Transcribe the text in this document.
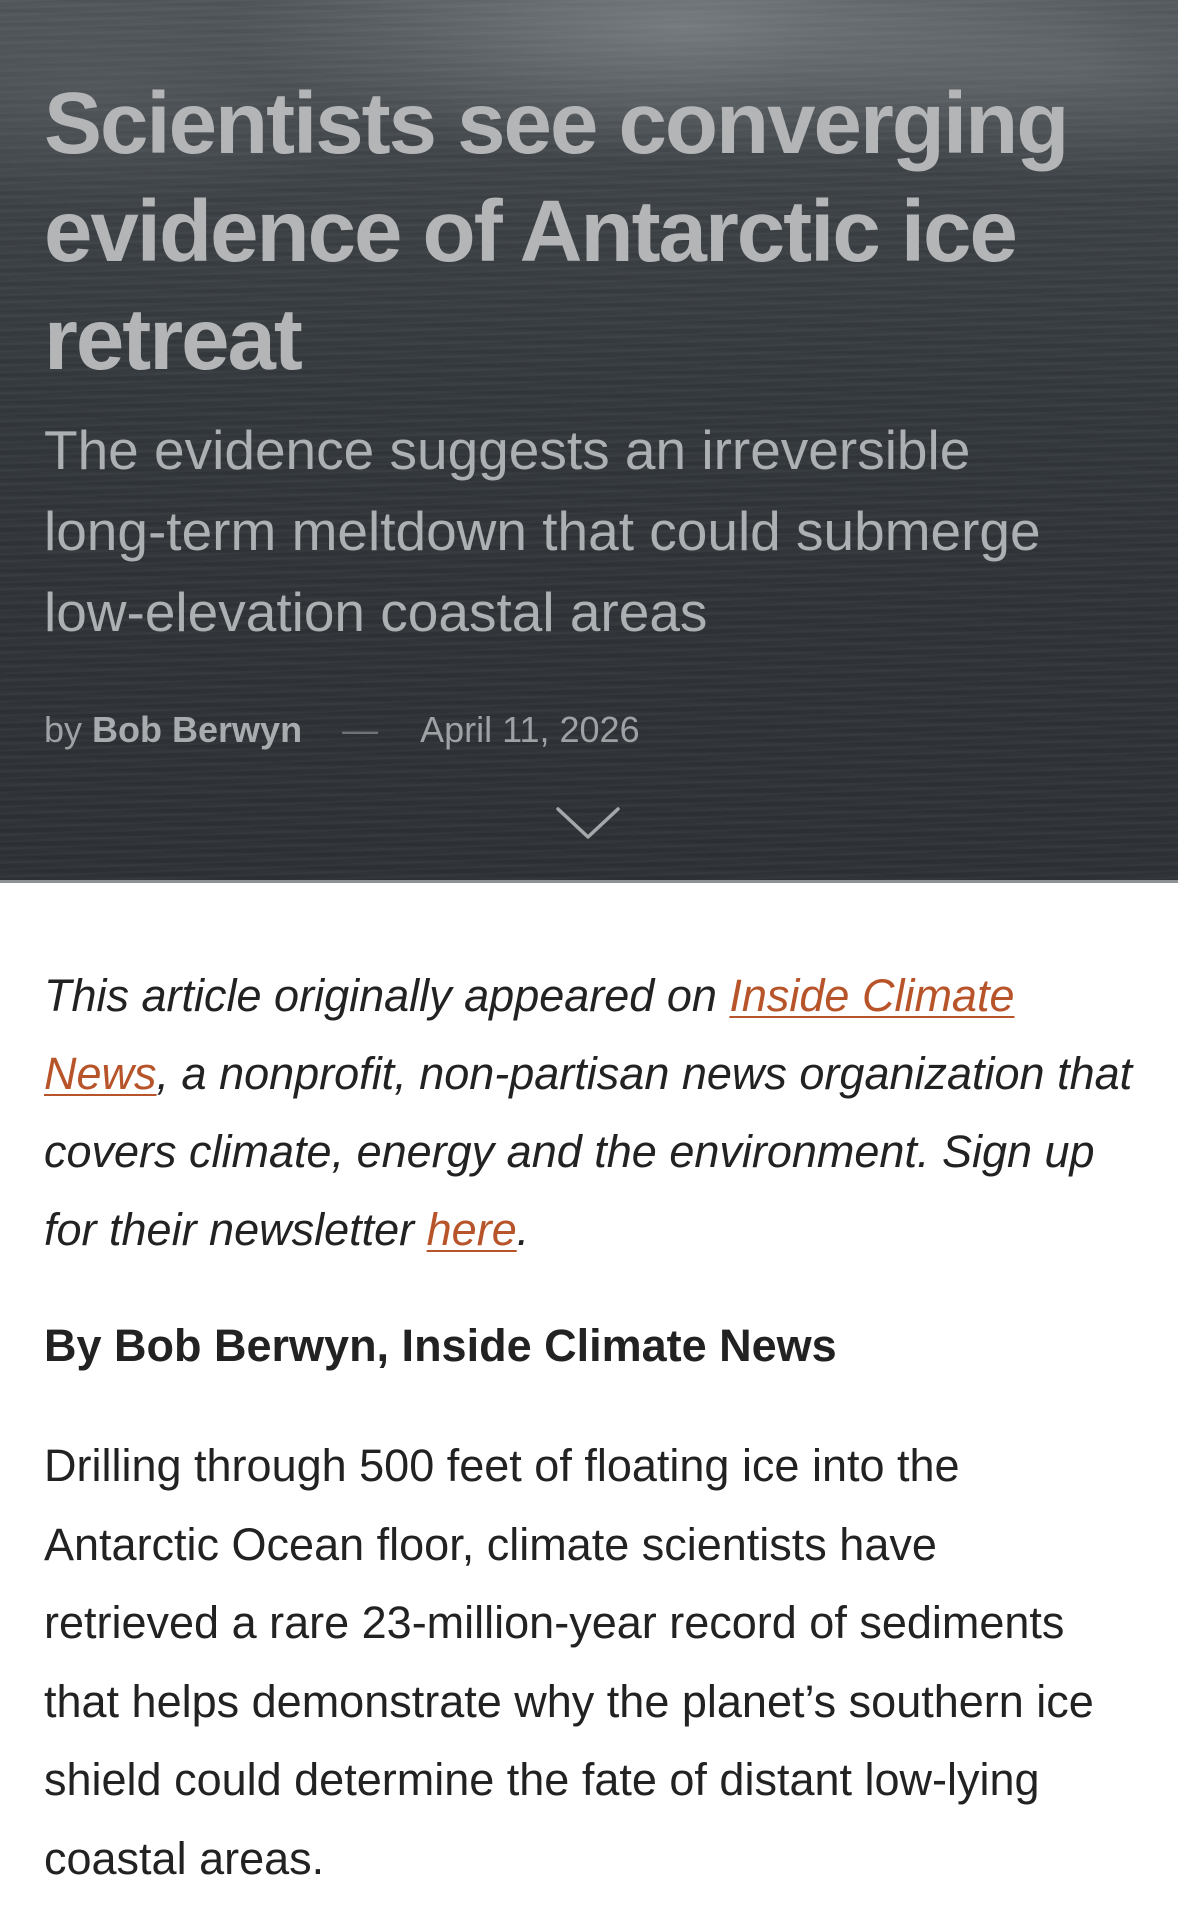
Scientists see converging evidence of Antarctic ice retreat
The evidence suggests an irreversible long-term meltdown that could submerge low-elevation coastal areas
by Bob Berwyn — April 11, 2026

This article originally appeared on Inside Climate News, a nonprofit, non-partisan news organization that covers climate, energy and the environment. Sign up for their newsletter here.

By Bob Berwyn, Inside Climate News

Drilling through 500 feet of floating ice into the Antarctic Ocean floor, climate scientists have retrieved a rare 23-million-year record of sediments that helps demonstrate why the planet’s southern ice shield could determine the fate of distant low-lying coastal areas.
